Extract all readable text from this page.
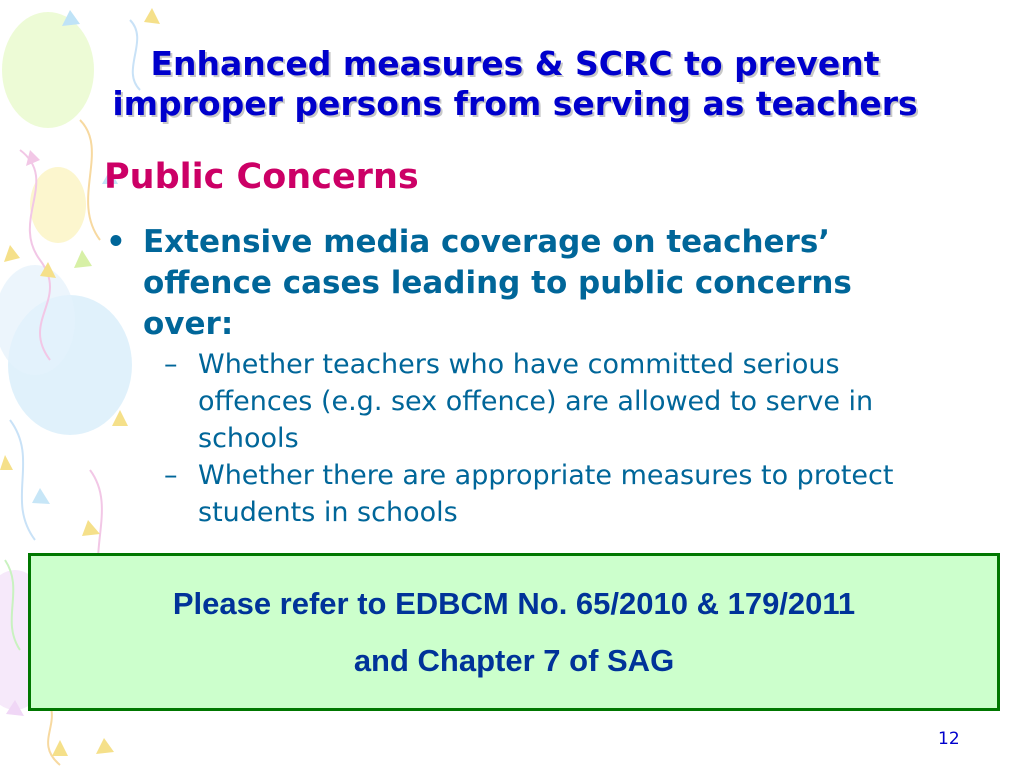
Enhanced measures & SCRC to prevent
improper persons from serving as teachers
Public Concerns
• Extensive media coverage on teachers’ offence cases leading to public concerns over:
– Whether teachers who have committed serious offences (e.g. sex offence) are allowed to serve in schools
– Whether there are appropriate measures to protect students in schools
Please refer to EDBCM No. 65/2010 & 179/2011
and Chapter 7 of SAG
12
